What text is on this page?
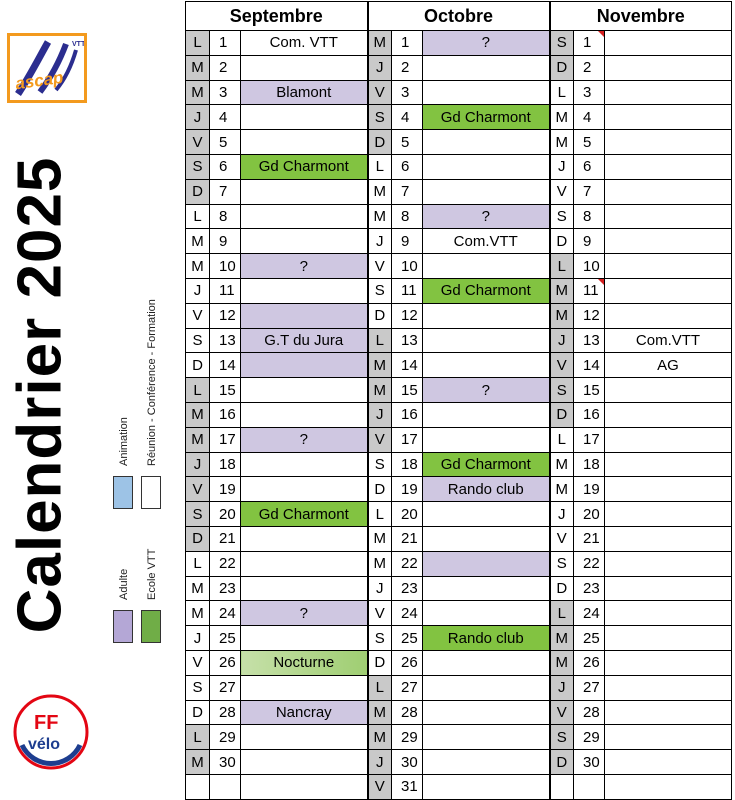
ascap
VTT
Calendrier 2025	Animation Réunion - Conférence - Formation
Adulte Ecole VTT
FF
vélo
Septembre			Octobre			Novembre		
L	1	Com. VTT	M	1	?	S	1	
M	2		J	2		D	2	
M	3	Blamont	V	3		L	3	
J	4		S	4	Gd Charmont	M	4	
V	5		D	5		M	5	
S	6	Gd Charmont	L	6		J	6	
D	7		M	7		V	7	
L	8		M	8	?	S	8	
M	9		J	9	Com.VTT	D	9	
M	10	?	V	10		L	10	
J	11		S	11	Gd Charmont	M	11	
V	12		D	12		M	12	
S	13	G.T du Jura	L	13		J	13	Com.VTT
D	14		M	14		V	14	AG
L	15		M	15	?	S	15	
M	16		J	16		D	16	
M	17	?	V	17		L	17	
J	18		S	18	Gd Charmont	M	18	
V	19		D	19	Rando club	M	19	
S	20	Gd Charmont	L	20		J	20	
D	21		M	21		V	21	
L	22		M	22		S	22	
M	23		J	23		D	23	
M	24	?	V	24		L	24	
J	25		S	25	Rando club	M	25	
V	26	Nocturne	D	26		M	26	
S	27		L	27		J	27	
D	28	Nancray	M	28		V	28	
L	29		M	29		S	29	
M	30		J	30		D	30	
			V	31				
